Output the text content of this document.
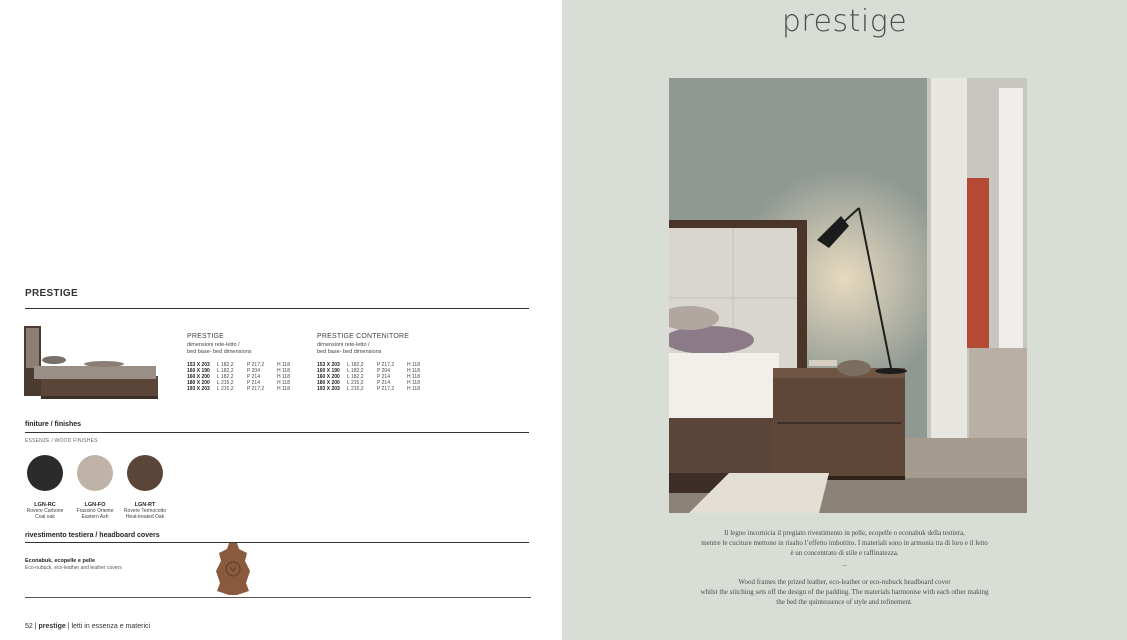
PRESTIGE
PRESTIGE
dimensioni rete-letto /
bed base- bed dimensions
153 X 203	L 182,2	P 217,2	H 118
160 X 190	L 182,2	P 204	H 118
160 X 200	L 182,2	P 214	H 118
180 X 200	L 215,2	P 214	H 118
193 X 203	L 215,2	P 217,2	H 118
PRESTIGE CONTENITORE
dimensioni rete-letto /
bed base- bed dimensions
153 X 203	L 182,2	P 217,2	H 118
160 X 190	L 182,2	P 204	H 118
160 X 200	L 182,2	P 214	H 118
180 X 200	L 215,2	P 214	H 118
193 X 203	L 215,2	P 217,2	H 118
finiture / finishes
ESSENZE / WOOD FINISHES
LGN-RC
Rovere Carbone
Coal oak
LGN-FO
Frassino Oriente
Eastern Ash
LGN-RT
Rovere Termocotto
Heat-treated Oak
rivestimento testiera / headboard covers
Econabuk, ecopelle e pelle
Eco-nubuck, eco-leather and leather covers
52 | prestige | letti in essenza e materici
prestige
Il legno incornicia il pregiato rivestimento in pelle, ecopelle o econabuk della testiera,
mentre le cuciture mettono in risalto l’effetto imbottito. I materiali sono in armonia tra di loro e il letto
è un concentrato di stile e raffinatezza.
–
Wood frames the prized leather, eco-leather or eco-nubuck headboard cover
whilst the stitching sets off the design of the padding. The materials harmonise with each other making
the bed the quintessence of style and refinement.
